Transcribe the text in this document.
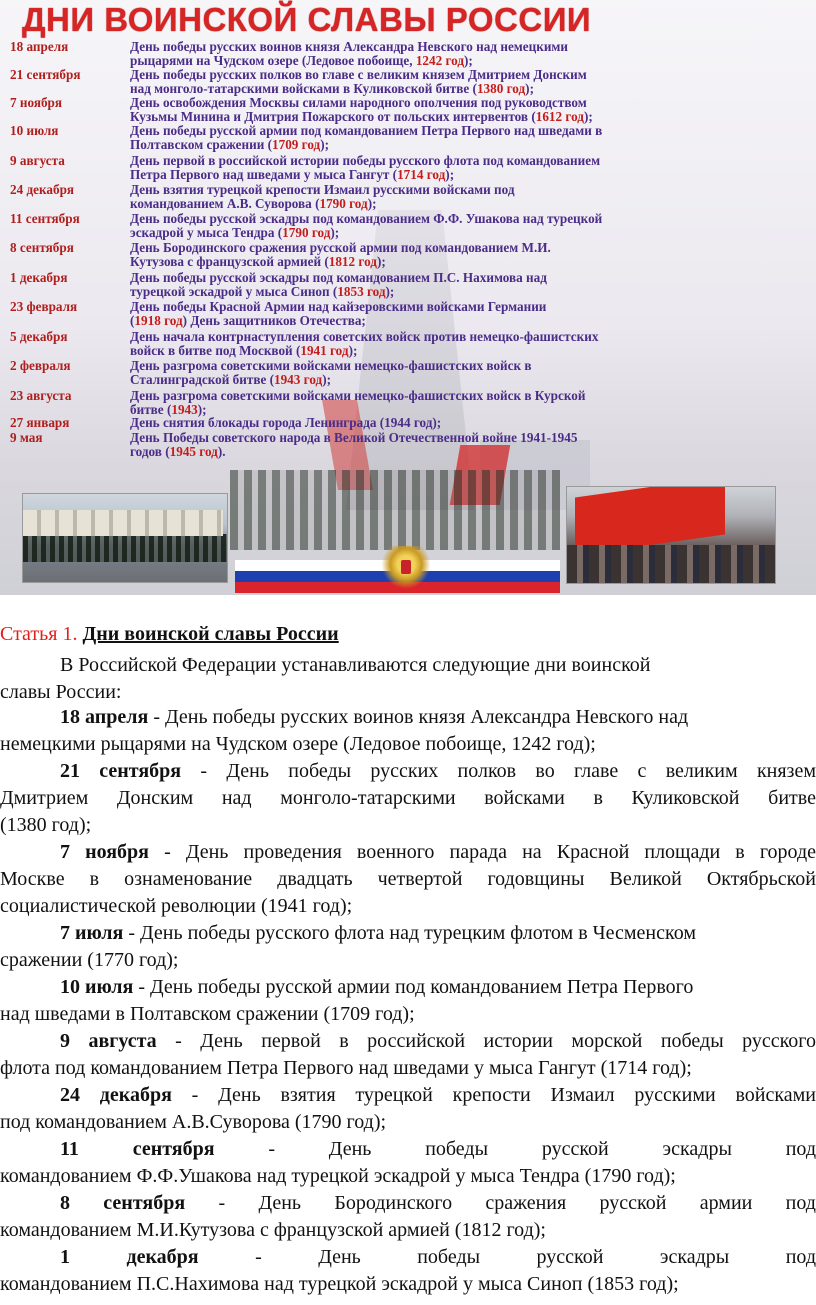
ДНИ ВОИНСКОЙ СЛАВЫ РОССИИ
18 апреля	День победы русских воинов князя Александра Невского над немецкими
рыцарями на Чудском озере (Ледовое побоище, 1242 год);
21 сентября	День победы русских полков во главе с великим князем Дмитрием Донским
над монголо-татарскими войсками в Куликовской битве (1380 год);
7 ноября	День освобождения Москвы силами народного ополчения под руководством
Кузьмы Минина и Дмитрия Пожарского от польских интервентов (1612 год);
10 июля	День победы русской армии под командованием Петра Первого над шведами в
Полтавском сражении (1709 год);
9 августа	День первой в российской истории победы русского флота под командованием
Петра Первого над шведами у мыса Гангут (1714 год);
24 декабря	День взятия турецкой крепости Измаил русскими войсками под
командованием А.В. Суворова (1790 год);
11 сентября	День победы русской эскадры под командованием Ф.Ф. Ушакова над турецкой
эскадрой у мыса Тендра (1790 год);
8 сентября	День Бородинского сражения русской армии под командованием М.И.
Кутузова с французской армией (1812 год);
1 декабря	День победы русской эскадры под командованием П.С. Нахимова над
турецкой эскадрой у мыса Синоп (1853 год);
23 февраля	День победы Красной Армии над кайзеровскими войсками Германии
(1918 год) День защитников Отечества;
5 декабря	День начала контрнаступления советских войск против немецко-фашистских
войск в битве под Москвой (1941 год);
2 февраля	День разгрома советскими войсками немецко-фашистских войск в
Сталинградской битве (1943 год);
23 августа	День разгрома советскими войсками немецко-фашистских войск в Курской
битве (1943);
27 января	День снятия блокады города Ленинграда (1944 год);
9 мая	День Победы советского народа в Великой Отечественной войне 1941-1945
годов (1945 год).
Статья 1. Дни воинской славы России
В Российской Федерации устанавливаются следующие дни воинской
славы России:
18 апреля - День победы русских воинов князя Александра Невского над
немецкими рыцарями на Чудском озере (Ледовое побоище, 1242 год);
21 сентября - День победы русских полков во главе с великим князем
Дмитрием Донским над монголо-татарскими войсками в Куликовской битве
(1380 год);
7 ноября - День проведения военного парада на Красной площади в городе
Москве в ознаменование двадцать четвертой годовщины Великой Октябрьской
социалистической революции (1941 год);
7 июля - День победы русского флота над турецким флотом в Чесменском
сражении (1770 год);
10 июля - День победы русской армии под командованием Петра Первого
над шведами в Полтавском сражении (1709 год);
9 августа - День первой в российской истории морской победы русского
флота под командованием Петра Первого над шведами у мыса Гангут (1714 год);
24 декабря - День взятия турецкой крепости Измаил русскими войсками
под командованием А.В.Суворова (1790 год);
11 сентября - День победы русской эскадры под
командованием Ф.Ф.Ушакова над турецкой эскадрой у мыса Тендра (1790 год);
8 сентября - День Бородинского сражения русской армии под
командованием М.И.Кутузова с французской армией (1812 год);
1 декабря - День победы русской эскадры под
командованием П.С.Нахимова над турецкой эскадрой у мыса Синоп (1853 год);
